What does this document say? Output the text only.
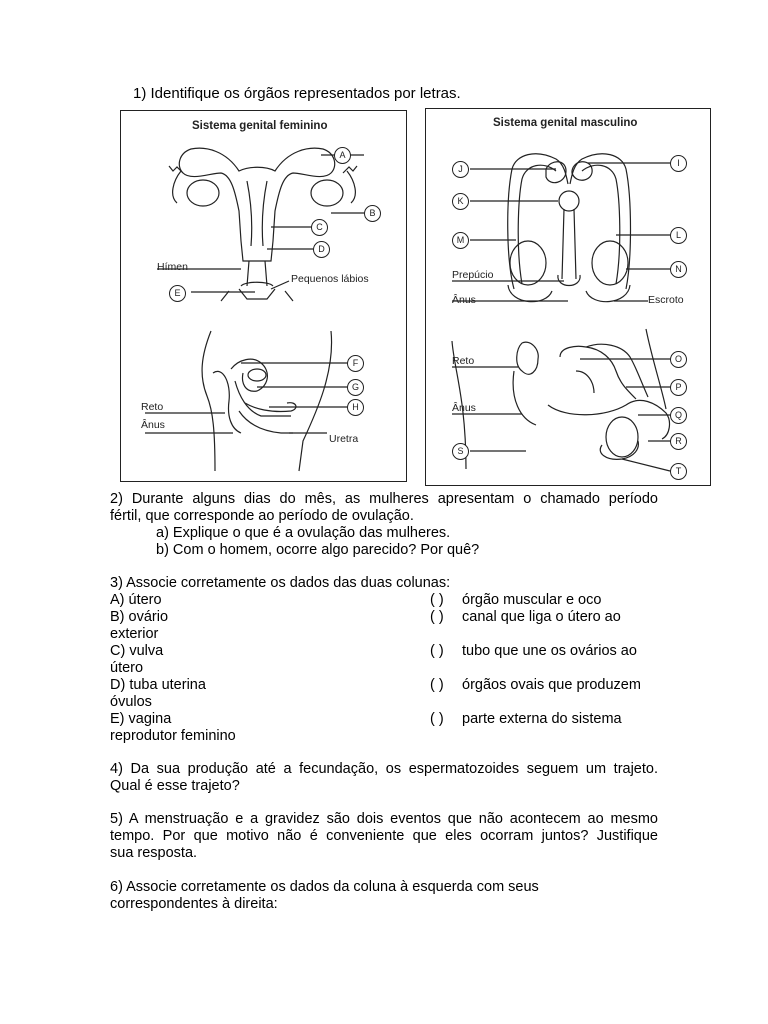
1) Identifique os órgãos representados por letras.
Sistema genital feminino
A
B
C
D
Hímen
Pequenos lábios
E
F
G
H
Reto
Ânus
Uretra
Sistema genital masculino
I
J
K
L
M
N
Prepúcio
Ânus	Escroto
Reto	O
P
Ânus
Q
R
S
T
2) Durante alguns dias do mês, as mulheres apresentam o chamado período
fértil, que corresponde ao período de ovulação.
a) Explique o que é a ovulação das mulheres.
b) Com o homem, ocorre algo parecido? Por quê?
3) Associe corretamente os dados das duas colunas:
A) útero	( ) órgão muscular e oco
B) ovário	( ) canal que liga o útero ao
exterior
C) vulva	( ) tubo que une os ovários ao
útero
D) tuba uterina	( ) órgãos ovais que produzem
óvulos
E) vagina	( ) parte externa do sistema
reprodutor feminino
4) Da sua produção até a fecundação, os espermatozoides seguem um trajeto.
Qual é esse trajeto?
5) A menstruação e a gravidez são dois eventos que não acontecem ao mesmo
tempo. Por que motivo não é conveniente que eles ocorram juntos? Justifique
sua resposta.
6) Associe corretamente os dados da coluna à esquerda com seus
correspondentes à direita:
